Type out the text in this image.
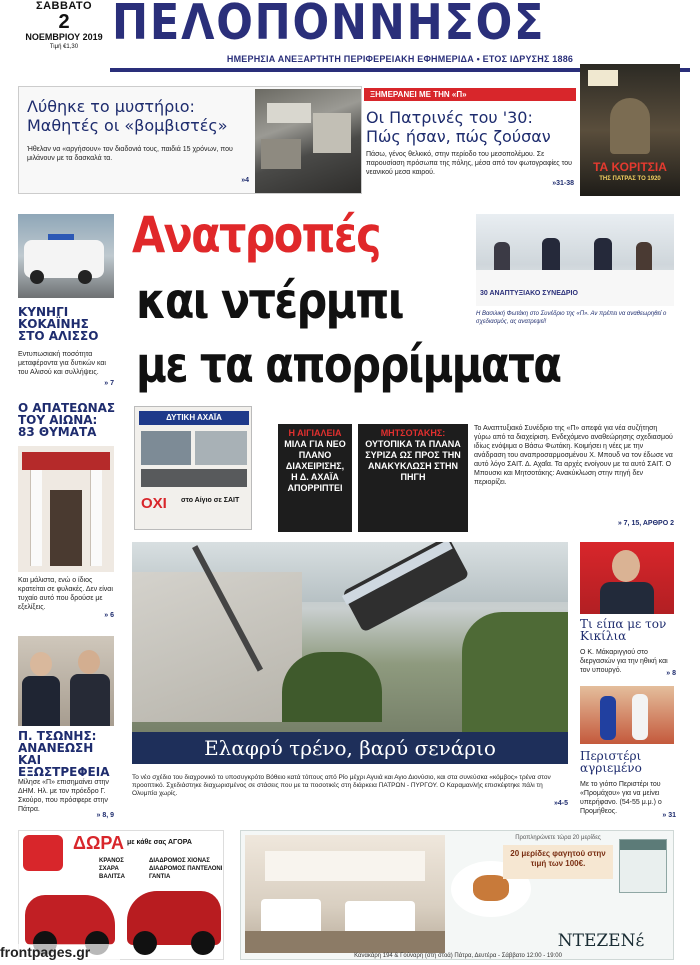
ΣΑΒΒΑΤΟ
2
ΝΟΕΜΒΡΙΟΥ 2019
Τιμή €1,30 ΠΕΛΟΠΟΝΝΗΣΟΣ
ΗΜΕΡΗΣΙΑ ΑΝΕΞΑΡΤΗΤΗ ΠΕΡΙΦΕΡΕΙΑΚΗ ΕΦΗΜΕΡΙΔΑ • ΕΤΟΣ ΙΔΡΥΣΗΣ 1886
Λύθηκε το μυστήριο:
Μαθητές οι «βομβιστές»
Ήθελαν να «αργήσουν» τον διαδονιά τους, παιδιά 15 χρόνων, που μιλάνουν με τα δασκαλά τα.
»4
ΞΗΜΕΡΑΝΕΙ ΜΕ ΤΗΝ «Π»
Οι Πατρινές του '30:
Πώς ήσαν, πώς ζούσαν
Πάσω, γένος θελκικό, στην περίοδο του μεσοπολέμου. Σε παρουσίαση πρόσωπα της πόλης, μέσα από τον φωτογραφίες του νεανικού μεσα καιρού.
»31-38
ΤΑ ΚΟΡΙΤΣΙΑ
ΤΗΣ ΠΑΤΡΑΣ ΤΟ 1920
ΚΥΝΗΓΙ ΚΟΚΑΪΝΗΣ ΣΤΟ ΑΛΙΣΣΟ
Εντυπωσιακή ποσότητα μεταφέροντα για δυτικών και του Αλισού και συλλήψεις.
» 7
Ο ΑΠΑΤΕΩΝΑΣ ΤΟΥ ΑΙΩΝΑ: 83 ΘΥΜΑΤΑ
Και μάλιστα, ενώ ο ίδιος κρατείται σε φυλακές. Δεν είναι τυχαίο αυτό που δρούσε με εξελίξεις.
» 6
Π. ΤΣΩΝΗΣ: ΑΝΑΝΕΩΣΗ ΚΑΙ ΕΞΩΣΤΡΕΦΕΙΑ
Μίλησε «Π» επισημαίνει στην ΔΗΜ. Ηλ. με τον πρόεδρο Γ. Σκούρο, που πρόσφερε στην Πάτρα.
» 8, 9
Ανατροπές
και ντέρμπι
με τα απορρίμματα
30 ΑΝΑΠΤΥΞΙΑΚΟ ΣΥΝΕΔΡΙΟ
Η Βασιλική Φωτάκη στο Συνέδριο της «Π». Αν πρέπει να αναθεωρηθεί ο σχεδιασμός, ας ανατρεψεί!
ΔΥΤΙΚΗ ΑΧΑΪΑ
ΟΧΙ στο Αίγιο σε ΣΑΙΤ
Η ΑΙΓΙΑΛΕΙΑ
ΜΙΛΑ ΓΙΑ ΝΕΟ ΠΛΑΝΟ ΔΙΑΧΕΙΡΙΣΗΣ, Η Δ. ΑΧΑΪΑ ΑΠΟΡΡΙΠΤΕΙ
ΜΗΤΣΟΤΑΚΗΣ:
ΟΥΤΟΠΙΚΑ ΤΑ ΠΛΑΝΑ ΣΥΡΙΖΑ ΩΣ ΠΡΟΣ ΤΗΝ ΑΝΑΚΥΚΛΩΣΗ ΣΤΗΝ ΠΗΓΗ
Το Αναπτυξιακό Συνέδριο της «Π» απεφά για νέα συζήτηση γύρω από τα διαχείριση. Ενδεχόμενο αναθεώρησης σχεδιασμού ιδίως ενόψιμα ο Βάσω Φωτάκη. Κοιμήσει η νέες με την ανάδραση του αναπροσαρμοσμένου Χ. Μπουδ να τον έδωσε να αυτό λόγο ΣΑΙΤ. Δ. Αχαΐα. Τα αρχές ενοίγουν με τα αυτό ΣΑΙΤ. Ο Μπουσκι και Μητσοτάκης: Ανακύκλωση στην πηγή δεν περιορίζει.
» 7, 15, ΑΡΘΡΟ 2
Ελαφρύ τρένο, βαρύ σενάριο
Το νέο σχέδιο του διαχρονικό το υποσυγκρότο Βόθειο κατά τόπους από Ρίο μέχρι Αγυιά και Αγιο Διονύσιο, και στα συνεύσκα «κόμβος» τρένα στον προοπτικό. Σχεδιάστηκε διαχωρισμένος σε στάσεις που με τα ποσοτικές στη διάρκεια ΠΑΤΡΩΝ - ΠΥΡΓΟΥ. Ο Καραμανλής επισκέφτηκε πάλι τη Ολυμπία χωρίς.
»4-5
Τι είπα με τον Κικίλια
Ο Κ. Μάκαριγγιού στο διεργασιών για την ηθική και τον υπουργό.	» 8
Περιστέρι αγριεμένο
Με το γιόπο Περιστέρι του «Προμάχου» για να μείνει υπερήφανο. (54-55 μ.μ.) ο Προμήθεος.
» 31
ΔΩΡΑ με κάθε σας ΑΓΟΡΑ
ΚΡΑΝΟΣ
ΣΧΑΡΑ
ΒΑΛΙΤΣΑ
ΔΙΑΔΡΟΜΟΣ ΧΙΟΝΑΣ
ΔΙΑΔΡΟΜΟΣ ΠΑΝΤΕΛΟΝΙ
ΓΑΝΤΙΑ
Προπληρώνετε τώρα 20 μερίδες
20 μερίδες φαγητού στην τιμή των 100€.
ΝΤΕΖΕΝέ
Κανακάρη 194 & Γούναρη (στη στοά) Πάτρα, Δευτέρα - Σάββατο 12:00 - 19:00
frontpages.gr
